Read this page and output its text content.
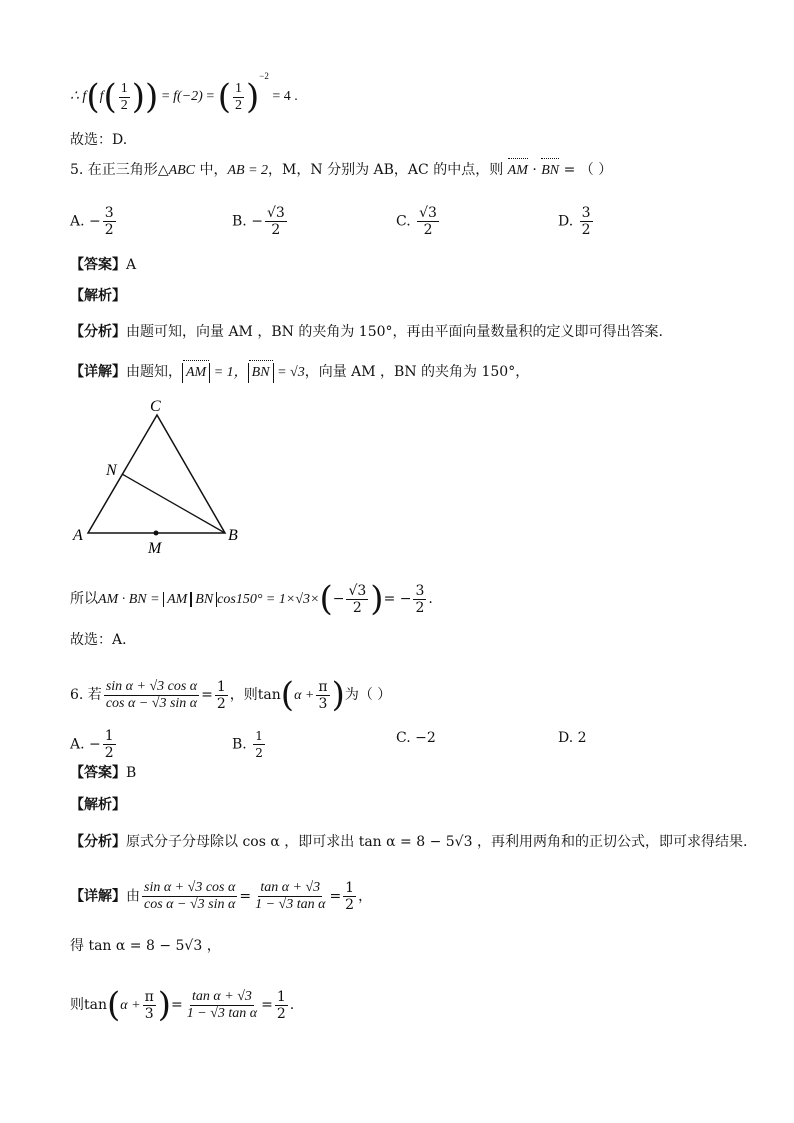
∴ $f(f( \frac{1}{2}$ )) = f(−2) = ( $\frac{1}{2} )^{-2} = 4$ .
故选：D.
5. 在正三角形△ABC 中，AB = 2，M，N 分别为 AB，AC 的中点，则 AM · BN = （ ）
A. − $\frac{3}{2}$	B. − $\frac{√3}{2}$	C. $\frac{√3}{2}$	D. $\frac{3}{2}$
【答案】A
【解析】
【分析】由题可知，向量 AM ，BN 的夹角为 150°，再由平面向量数量积的定义即可得出答案.
【详解】由题知， AM = 1， BN = √3，向量 AM ，BN 的夹角为 150°，
C
N
A
M
B
所以AM · BN = AM BN $\cos 150^\circ = 1\times√3\times(- \frac{√3}{2}$ )= − $\frac{3}{2}$ .
故选：A．
6. 若 $\frac{\text{sin α + √3 cos α}}{\text{cos α − √3 sin α}} = \frac{1}{2}$ ，则$\tan(\alpha + \frac{\pi}{3}$ )为（ ）
A. − $\frac{1}{2}$	B. $\frac{1}{2}$	C. −2	D. 2
【答案】B
【解析】
【分析】原式分子分母除以 cos α ，即可求出 tan α = 8 − 5√3 ，再利用两角和的正切公式，即可求得结果.
【详解】由 $\frac{\text{sin α + √3 cos α}}{\text{cos α − √3 sin α}} = \frac{\text{tan α + √3}}{\text{1 − √3 tan α}} = \frac{1}{2}$ ，
得 tan α = 8 − 5√3 ，
则$\tan(\alpha + \frac{\pi}{3}$ )= $\frac{\text{tan α + √3}}{\text{1 − √3 tan α}} = \frac{1}{2}$ .
